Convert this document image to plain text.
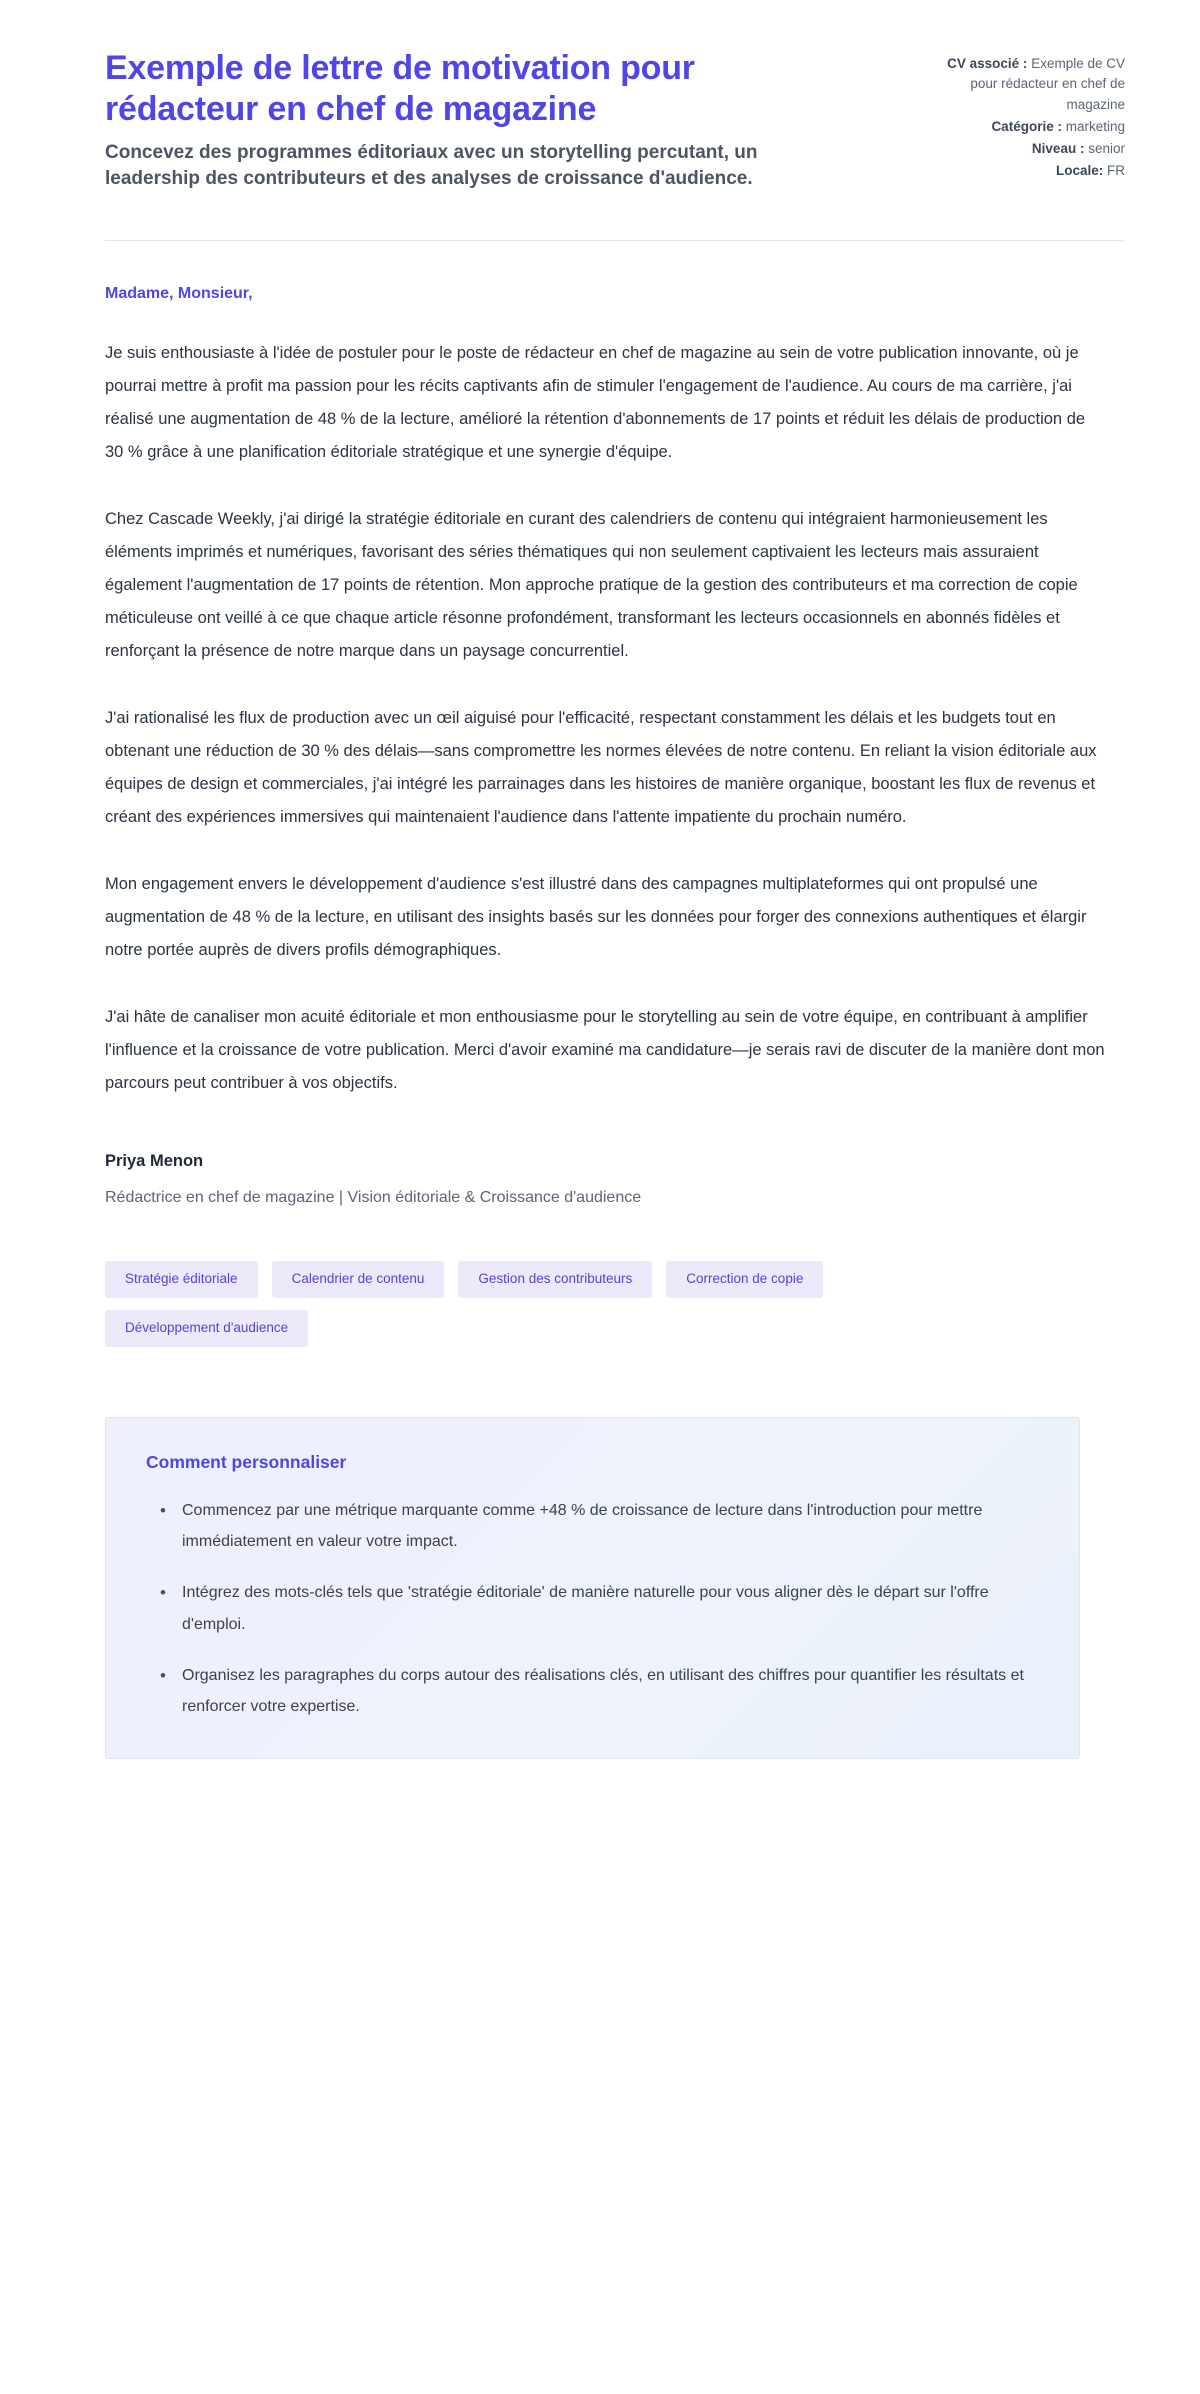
Exemple de lettre de motivation pour rédacteur en chef de magazine

Concevez des programmes éditoriaux avec un storytelling percutant, un leadership des contributeurs et des analyses de croissance d'audience.

CV associé : Exemple de CV pour rédacteur en chef de magazine
Catégorie : marketing
Niveau : senior
Locale: FR

Madame, Monsieur,

Je suis enthousiaste à l'idée de postuler pour le poste de rédacteur en chef de magazine au sein de votre publication innovante, où je pourrai mettre à profit ma passion pour les récits captivants afin de stimuler l'engagement de l'audience. Au cours de ma carrière, j'ai réalisé une augmentation de 48 % de la lecture, amélioré la rétention d'abonnements de 17 points et réduit les délais de production de 30 % grâce à une planification éditoriale stratégique et une synergie d'équipe.

Chez Cascade Weekly, j'ai dirigé la stratégie éditoriale en curant des calendriers de contenu qui intégraient harmonieusement les éléments imprimés et numériques, favorisant des séries thématiques qui non seulement captivaient les lecteurs mais assuraient également l'augmentation de 17 points de rétention. Mon approche pratique de la gestion des contributeurs et ma correction de copie méticuleuse ont veillé à ce que chaque article résonne profondément, transformant les lecteurs occasionnels en abonnés fidèles et renforçant la présence de notre marque dans un paysage concurrentiel.

J'ai rationalisé les flux de production avec un œil aiguisé pour l'efficacité, respectant constamment les délais et les budgets tout en obtenant une réduction de 30 % des délais—sans compromettre les normes élevées de notre contenu. En reliant la vision éditoriale aux équipes de design et commerciales, j'ai intégré les parrainages dans les histoires de manière organique, boostant les flux de revenus et créant des expériences immersives qui maintenaient l'audience dans l'attente impatiente du prochain numéro.

Mon engagement envers le développement d'audience s'est illustré dans des campagnes multiplateformes qui ont propulsé une augmentation de 48 % de la lecture, en utilisant des insights basés sur les données pour forger des connexions authentiques et élargir notre portée auprès de divers profils démographiques.

J'ai hâte de canaliser mon acuité éditoriale et mon enthousiasme pour le storytelling au sein de votre équipe, en contribuant à amplifier l'influence et la croissance de votre publication. Merci d'avoir examiné ma candidature—je serais ravi de discuter de la manière dont mon parcours peut contribuer à vos objectifs.

Priya Menon

Rédactrice en chef de magazine | Vision éditoriale & Croissance d'audience

Stratégie éditoriale	Calendrier de contenu	Gestion des contributeurs	Correction de copie
Développement d'audience
Comment personnaliser
• Commencez par une métrique marquante comme +48 % de croissance de lecture dans l'introduction pour mettre immédiatement en valeur votre impact.
• Intégrez des mots-clés tels que 'stratégie éditoriale' de manière naturelle pour vous aligner dès le départ sur l'offre d'emploi.
• Organisez les paragraphes du corps autour des réalisations clés, en utilisant des chiffres pour quantifier les résultats et renforcer votre expertise.
